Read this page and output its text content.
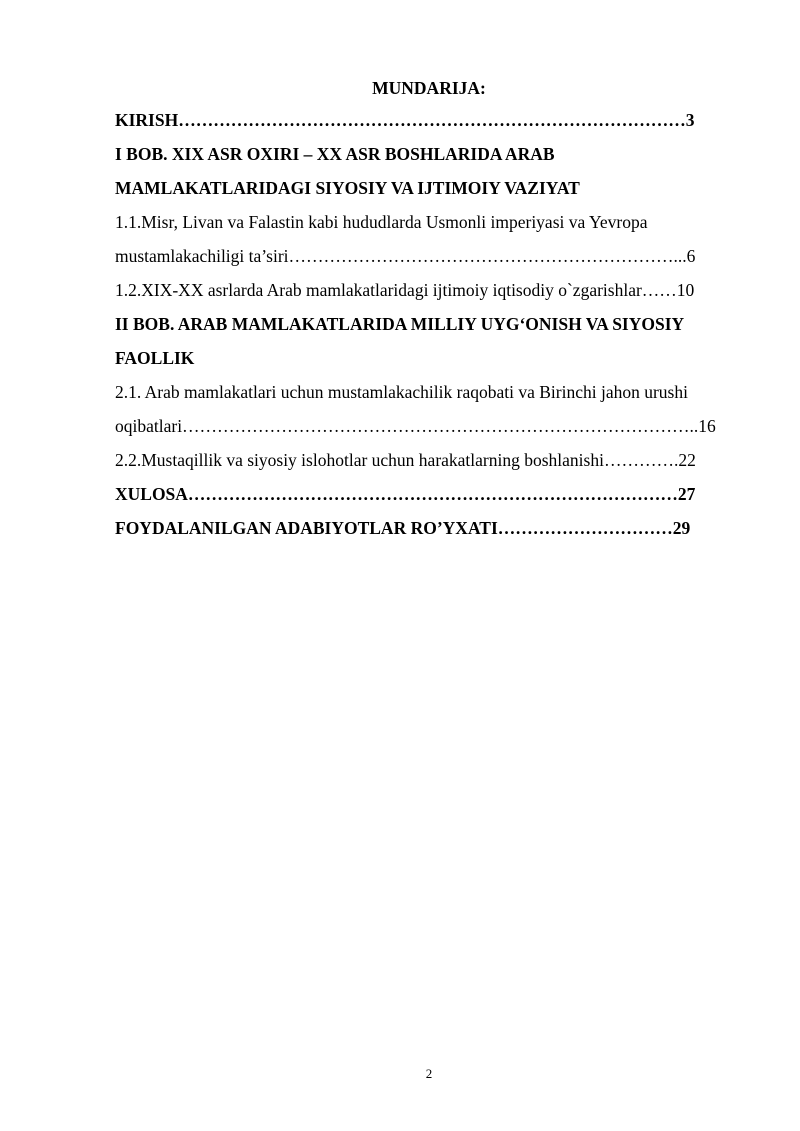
MUNDARIJA:
KIRISH……………………………………………………………………………3
I BOB. XIX ASR OXIRI – XX ASR BOSHLARIDA ARAB
MAMLAKATLARIDAGI SIYOSIY VA IJTIMOIY VAZIYAT
1.1.Misr, Livan va Falastin kabi hududlarda Usmonli imperiyasi va Yevropa
mustamlakachiligi ta’siri…………………………………………………………...6
1.2.XIX-XX asrlarda Arab mamlakatlaridagi ijtimoiy iqtisodiy o`zgarishlar……10
II BOB. ARAB MAMLAKATLARIDA MILLIY UYG‘ONISH VA SIYOSIY
FAOLLIK
2.1. Arab mamlakatlari uchun mustamlakachilik raqobati va Birinchi jahon urushi
oqibatlari……………………………………………………………………………..16
2.2.Mustaqillik va siyosiy islohotlar uchun harakatlarning boshlanishi………….22
XULOSA…………………………………………………………………………27
FOYDALANILGAN ADABIYOTLAR RO’YXATI…………………………29
2
